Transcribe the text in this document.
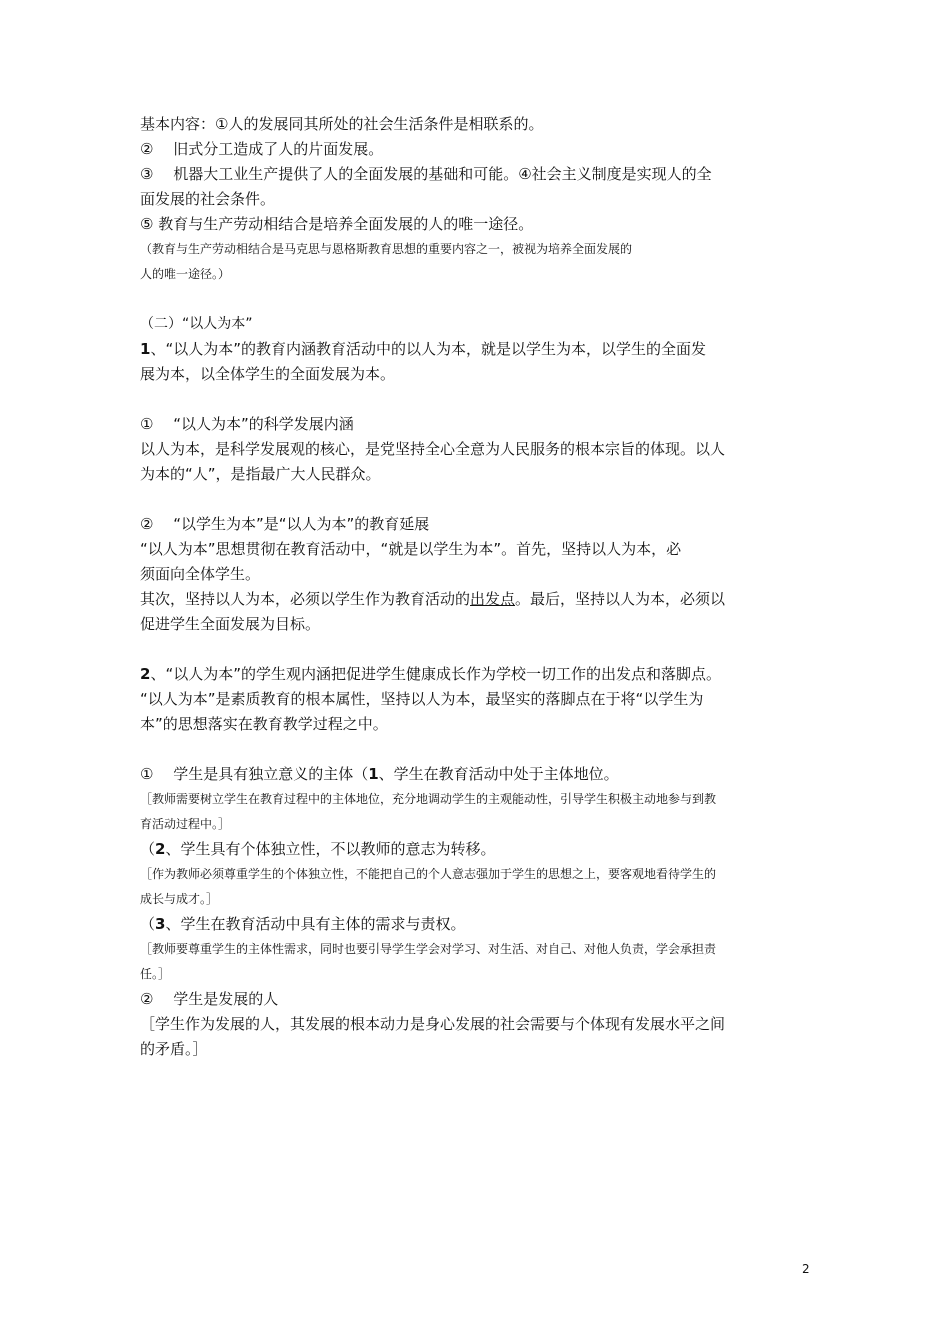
基本内容：①人的发展同其所处的社会生活条件是相联系的。
②　 旧式分工造成了人的片面发展。
③　 机器大工业生产提供了人的全面发展的基础和可能。④社会主义制度是实现人的全
面发展的社会条件。
⑤ 教育与生产劳动相结合是培养全面发展的人的唯一途径。
（教育与生产劳动相结合是马克思与恩格斯教育思想的重要内容之一，被视为培养全面发展的
人的唯一途径。）
（二）“以人为本”
1、“以人为本”的教育内涵教育活动中的以人为本，就是以学生为本，以学生的全面发
展为本，以全体学生的全面发展为本。
①　 “以人为本”的科学发展内涵
以人为本，是科学发展观的核心，是党坚持全心全意为人民服务的根本宗旨的体现。以人
为本的“人”，是指最广大人民群众。
②　 “以学生为本”是“以人为本”的教育延展
“以人为本”思想贯彻在教育活动中，“就是以学生为本”。首先，坚持以人为本，必
须面向全体学生。
其次，坚持以人为本，必须以学生作为教育活动的出发点。最后，坚持以人为本，必须以
促进学生全面发展为目标。
2、“以人为本”的学生观内涵把促进学生健康成长作为学校一切工作的出发点和落脚点。
“以人为本”是素质教育的根本属性，坚持以人为本，最坚实的落脚点在于将“以学生为
本”的思想落实在教育教学过程之中。
①　 学生是具有独立意义的主体（1、学生在教育活动中处于主体地位。
［教师需要树立学生在教育过程中的主体地位，充分地调动学生的主观能动性，引导学生积极主动地参与到教
育活动过程中。］
（2、学生具有个体独立性，不以教师的意志为转移。
［作为教师必须尊重学生的个体独立性，不能把自己的个人意志强加于学生的思想之上，要客观地看待学生的
成长与成才。］
（3、学生在教育活动中具有主体的需求与责权。
［教师要尊重学生的主体性需求，同时也要引导学生学会对学习、对生活、对自己、对他人负责，学会承担责
任。］
②　 学生是发展的人
［学生作为发展的人，其发展的根本动力是身心发展的社会需要与个体现有发展水平之间
的矛盾。］
2
